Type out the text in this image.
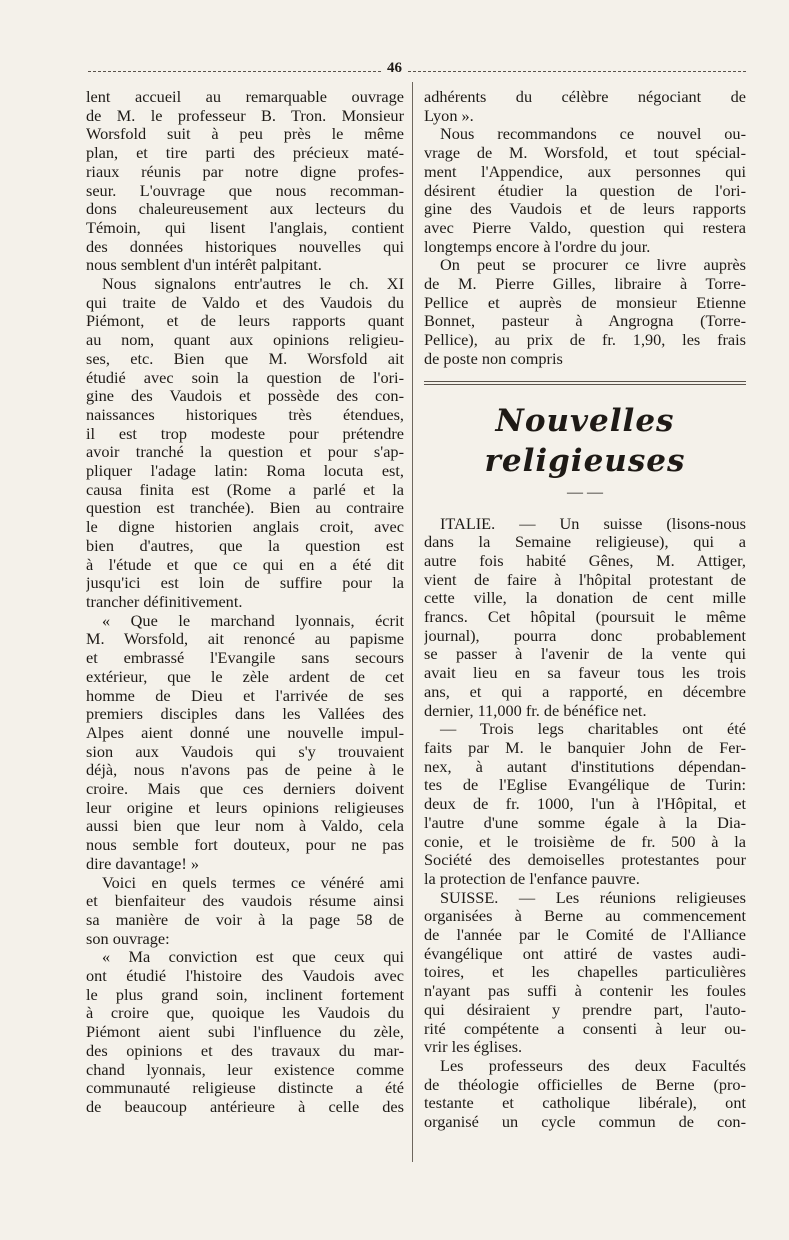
46
lent accueil au remarquable ouvrage
de M. le professeur B. Tron. Monsieur
Worsfold suit à peu près le même
plan, et tire parti des précieux maté-
riaux réunis par notre digne profes-
seur. L'ouvrage que nous recomman-
dons chaleureusement aux lecteurs du
Témoin, qui lisent l'anglais, contient
des données historiques nouvelles qui
nous semblent d'un intérêt palpitant.
Nous signalons entr'autres le ch. XI
qui traite de Valdo et des Vaudois du
Piémont, et de leurs rapports quant
au nom, quant aux opinions religieu-
ses, etc. Bien que M. Worsfold ait
étudié avec soin la question de l'ori-
gine des Vaudois et possède des con-
naissances historiques très étendues,
il est trop modeste pour prétendre
avoir tranché la question et pour s'ap-
pliquer l'adage latin: Roma locuta est,
causa finita est (Rome a parlé et la
question est tranchée). Bien au contraire
le digne historien anglais croit, avec
bien d'autres, que la question est
à l'étude et que ce qui en a été dit
jusqu'ici est loin de suffire pour la
trancher définitivement.
« Que le marchand lyonnais, écrit
M. Worsfold, ait renoncé au papisme
et embrassé l'Evangile sans secours
extérieur, que le zèle ardent de cet
homme de Dieu et l'arrivée de ses
premiers disciples dans les Vallées des
Alpes aient donné une nouvelle impul-
sion aux Vaudois qui s'y trouvaient
déjà, nous n'avons pas de peine à le
croire. Mais que ces derniers doivent
leur origine et leurs opinions religieuses
aussi bien que leur nom à Valdo, cela
nous semble fort douteux, pour ne pas
dire davantage! »
Voici en quels termes ce vénéré ami
et bienfaiteur des vaudois résume ainsi
sa manière de voir à la page 58 de
son ouvrage:
« Ma conviction est que ceux qui
ont étudié l'histoire des Vaudois avec
le plus grand soin, inclinent fortement
à croire que, quoique les Vaudois du
Piémont aient subi l'influence du zèle,
des opinions et des travaux du mar-
chand lyonnais, leur existence comme
communauté religieuse distincte a été
de beaucoup antérieure à celle des
adhérents du célèbre négociant de
Lyon ».
Nous recommandons ce nouvel ou-
vrage de M. Worsfold, et tout spécial-
ment l'Appendice, aux personnes qui
désirent étudier la question de l'ori-
gine des Vaudois et de leurs rapports
avec Pierre Valdo, question qui restera
longtemps encore à l'ordre du jour.
On peut se procurer ce livre auprès
de M. Pierre Gilles, libraire à Torre-
Pellice et auprès de monsieur Etienne
Bonnet, pasteur à Angrogna (Torre-
Pellice), au prix de fr. 1,90, les frais
de poste non compris
Nouvelles religieuses
— —
ITALIE. — Un suisse (lisons-nous
dans la Semaine religieuse), qui a
autre fois habité Gênes, M. Attiger,
vient de faire à l'hôpital protestant de
cette ville, la donation de cent mille
francs. Cet hôpital (poursuit le même
journal), pourra donc probablement
se passer à l'avenir de la vente qui
avait lieu en sa faveur tous les trois
ans, et qui a rapporté, en décembre
dernier, 11,000 fr. de bénéfice net.
— Trois legs charitables ont été
faits par M. le banquier John de Fer-
nex, à autant d'institutions dépendan-
tes de l'Eglise Evangélique de Turin:
deux de fr. 1000, l'un à l'Hôpital, et
l'autre d'une somme égale à la Dia-
conie, et le troisième de fr. 500 à la
Société des demoiselles protestantes pour
la protection de l'enfance pauvre.
SUISSE. — Les réunions religieuses
organisées à Berne au commencement
de l'année par le Comité de l'Alliance
évangélique ont attiré de vastes audi-
toires, et les chapelles particulières
n'ayant pas suffi à contenir les foules
qui désiraient y prendre part, l'auto-
rité compétente a consenti à leur ou-
vrir les églises.
Les professeurs des deux Facultés
de théologie officielles de Berne (pro-
testante et catholique libérale), ont
organisé un cycle commun de con-
